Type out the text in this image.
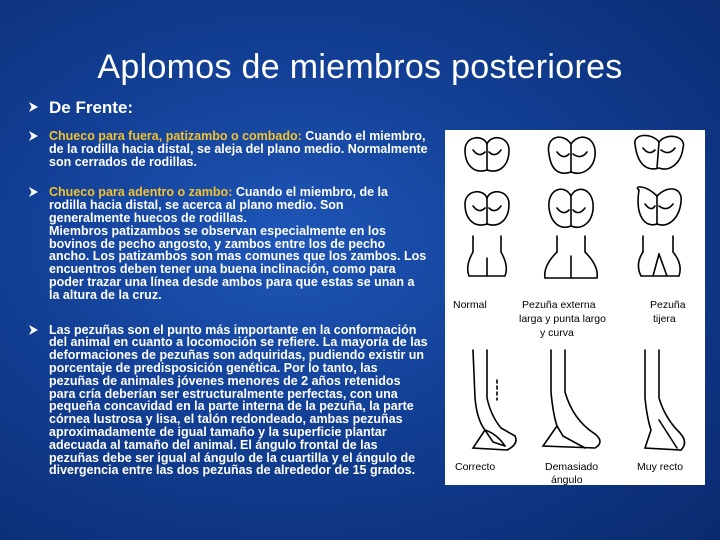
Aplomos de miembros posteriores
De Frente:
Chueco para fuera, patizambo o combado: Cuando el miembro, de la rodilla hacia distal, se aleja del plano medio. Normalmente son cerrados de rodillas.
Chueco para adentro o zambo: Cuando el miembro, de la rodilla hacia distal, se acerca al plano medio. Son generalmente huecos de rodillas.
Miembros patizambos se observan especialmente en los bovinos de pecho angosto, y zambos entre los de pecho ancho. Los patizambos son mas comunes que los zambos. Los encuentros deben tener una buena inclinación, como para poder trazar una línea desde ambos para que estas se unan a la altura de la cruz.
Las pezuñas son el punto más importante en la conformación del animal en cuanto a locomoción se refiere. La mayoría de las deformaciones de pezuñas son adquiridas, pudiendo existir un porcentaje de predisposición genética. Por lo tanto, las pezuñas de animales jóvenes menores de 2 años retenidos para cría deberían ser estructuralmente perfectas, con una pequeña concavidad en la parte interna de la pezuña, la parte córnea lustrosa y lisa, el talón redondeado, ambas pezuñas aproximadamente de igual tamaño y la superficie plantar adecuada al tamaño del animal. El ángulo frontal de las pezuñas debe ser igual al ángulo de la cuartilla y el ángulo de divergencia entre las dos pezuñas de alrededor de 15 grados.
Normal	Pezuña externa
larga y punta largo
y curva
Pezuña
tijera
Correcto	Demasiado
ángulo
Muy recto
